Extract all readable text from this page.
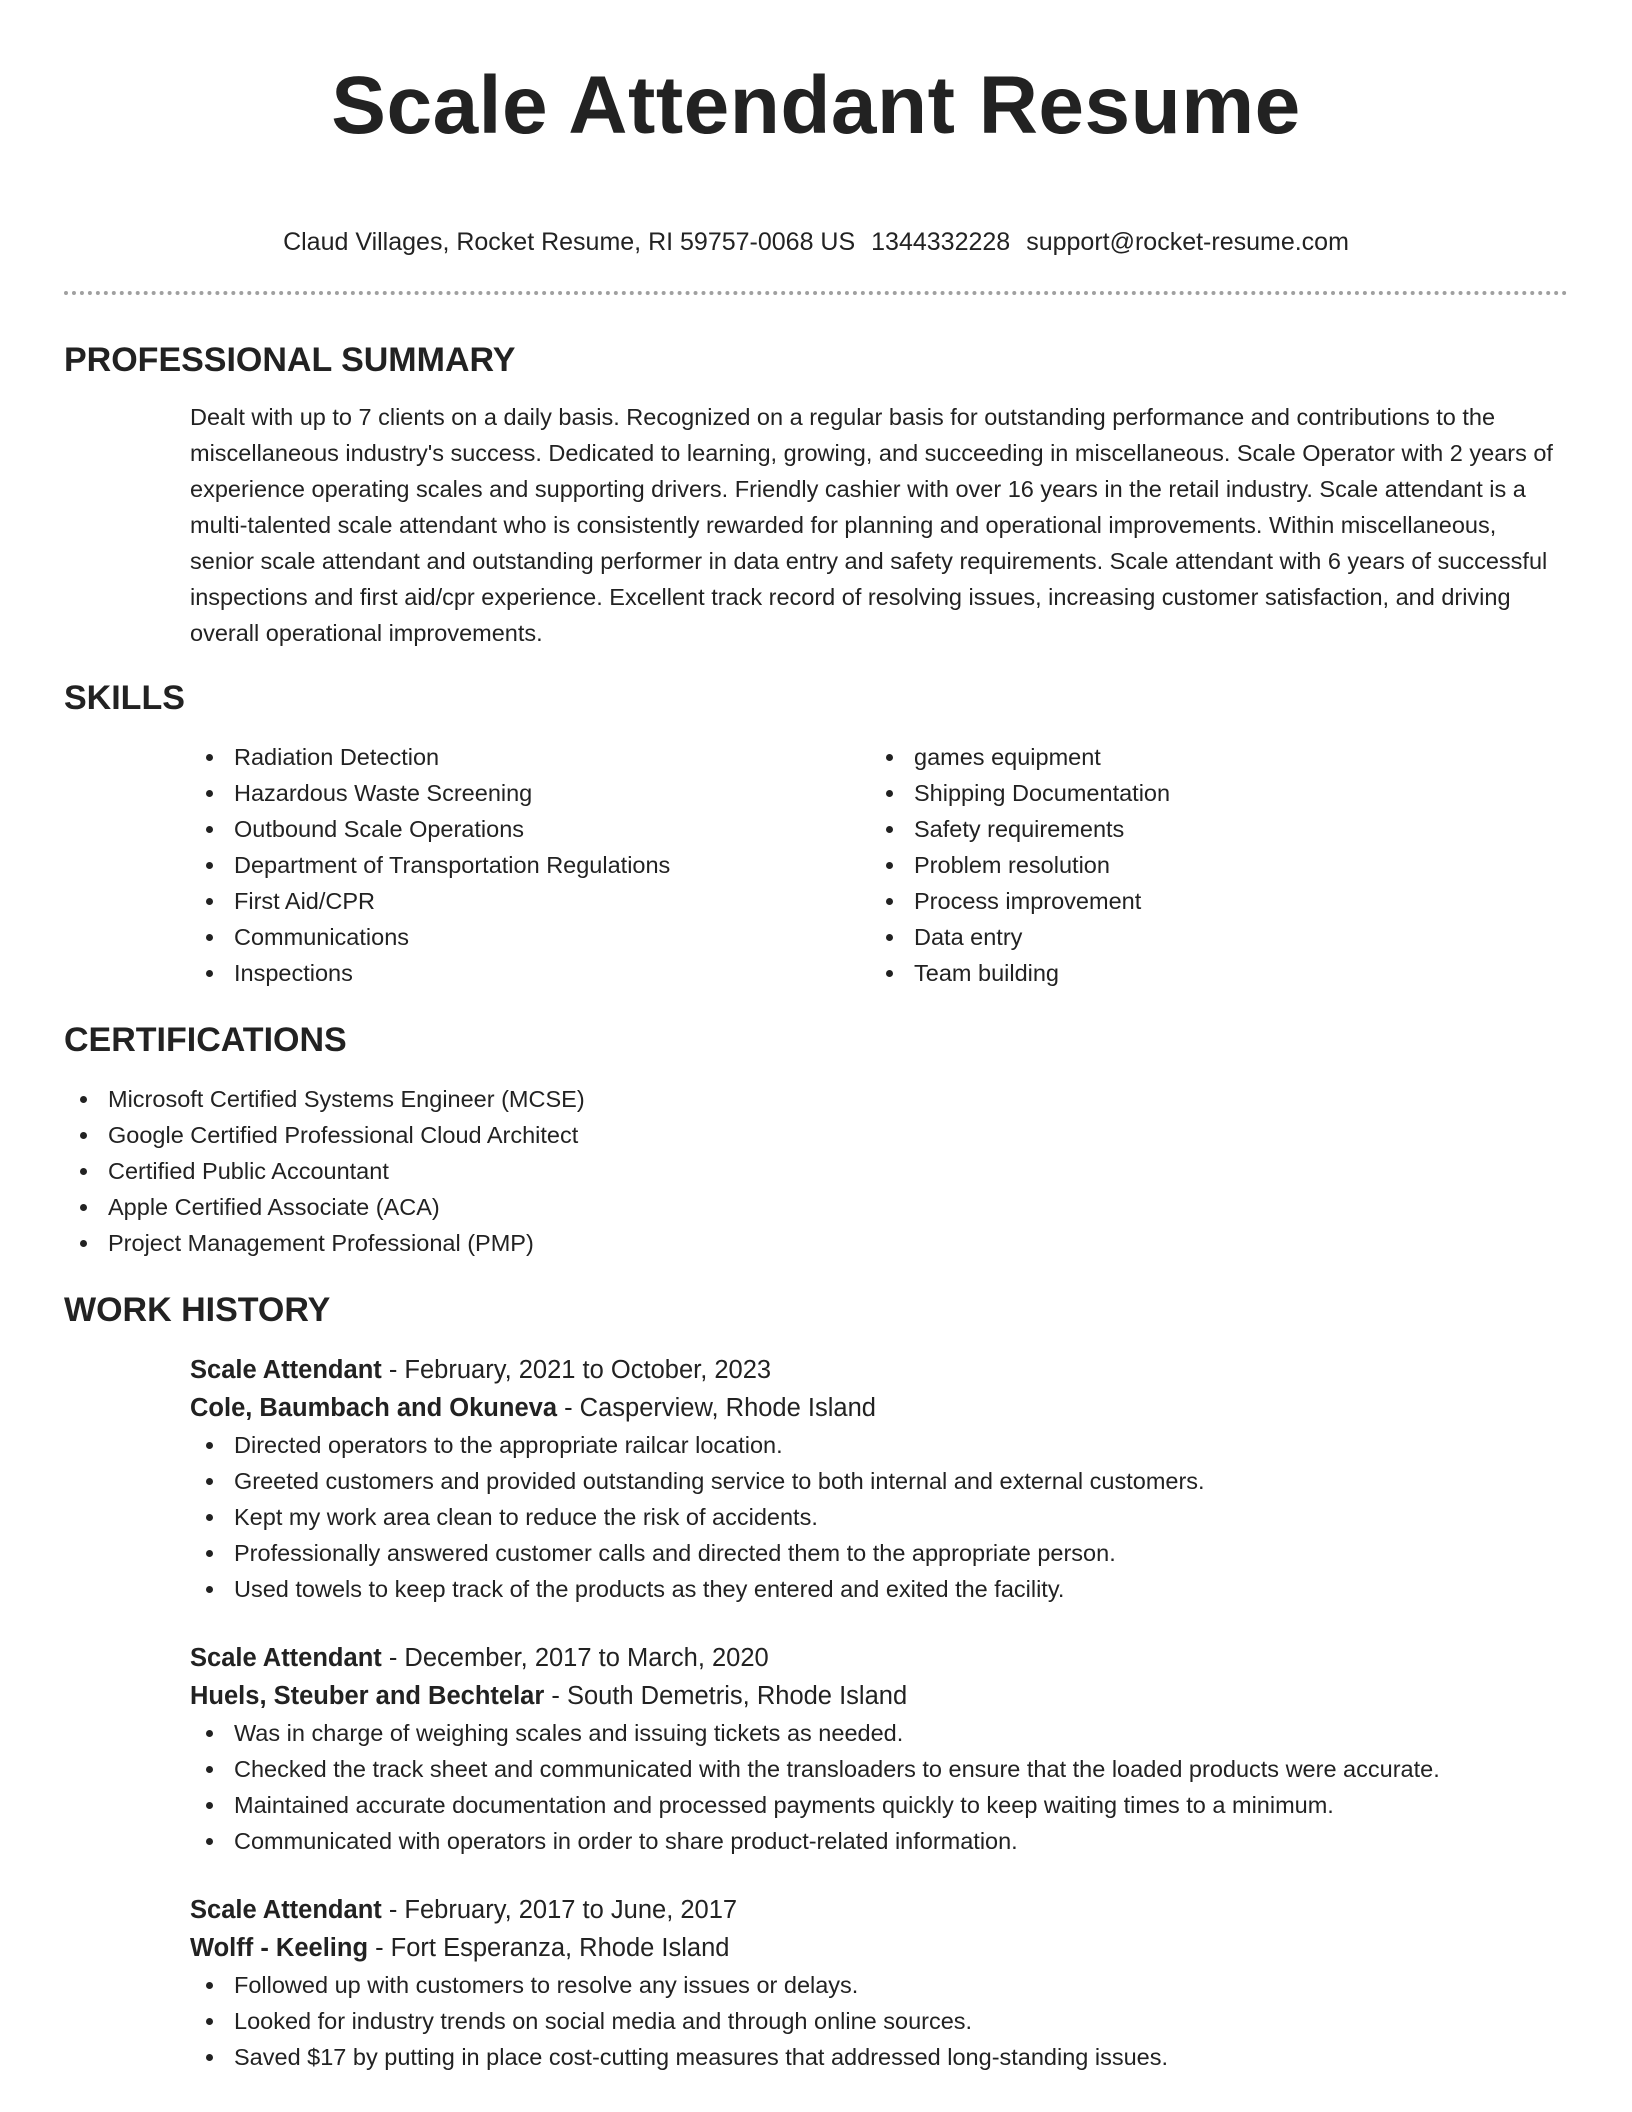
Scale Attendant Resume
Claud Villages, Rocket Resume, RI 59757-0068 US 1344332228 support@rocket-resume.com
PROFESSIONAL SUMMARY

Dealt with up to 7 clients on a daily basis. Recognized on a regular basis for outstanding performance and contributions to the miscellaneous industry's success. Dedicated to learning, growing, and succeeding in miscellaneous. Scale Operator with 2 years of experience operating scales and supporting drivers. Friendly cashier with over 16 years in the retail industry. Scale attendant is a multi-talented scale attendant who is consistently rewarded for planning and operational improvements. Within miscellaneous, senior scale attendant and outstanding performer in data entry and safety requirements. Scale attendant with 6 years of successful inspections and first aid/cpr experience. Excellent track record of resolving issues, increasing customer satisfaction, and driving overall operational improvements.

SKILLS
Radiation Detection
Hazardous Waste Screening
Outbound Scale Operations
Department of Transportation Regulations
First Aid/CPR
Communications
Inspections
games equipment
Shipping Documentation
Safety requirements
Problem resolution
Process improvement
Data entry
Team building
CERTIFICATIONS
Microsoft Certified Systems Engineer (MCSE)
Google Certified Professional Cloud Architect
Certified Public Accountant
Apple Certified Associate (ACA)
Project Management Professional (PMP)
WORK HISTORY
Scale Attendant - February, 2021 to October, 2023
Cole, Baumbach and Okuneva - Casperview, Rhode Island
Directed operators to the appropriate railcar location.
Greeted customers and provided outstanding service to both internal and external customers.
Kept my work area clean to reduce the risk of accidents.
Professionally answered customer calls and directed them to the appropriate person.
Used towels to keep track of the products as they entered and exited the facility.
Scale Attendant - December, 2017 to March, 2020
Huels, Steuber and Bechtelar - South Demetris, Rhode Island
Was in charge of weighing scales and issuing tickets as needed.
Checked the track sheet and communicated with the transloaders to ensure that the loaded products were accurate.
Maintained accurate documentation and processed payments quickly to keep waiting times to a minimum.
Communicated with operators in order to share product-related information.
Scale Attendant - February, 2017 to June, 2017
Wolff - Keeling - Fort Esperanza, Rhode Island
Followed up with customers to resolve any issues or delays.
Looked for industry trends on social media and through online sources.
Saved $17 by putting in place cost-cutting measures that addressed long-standing issues.
